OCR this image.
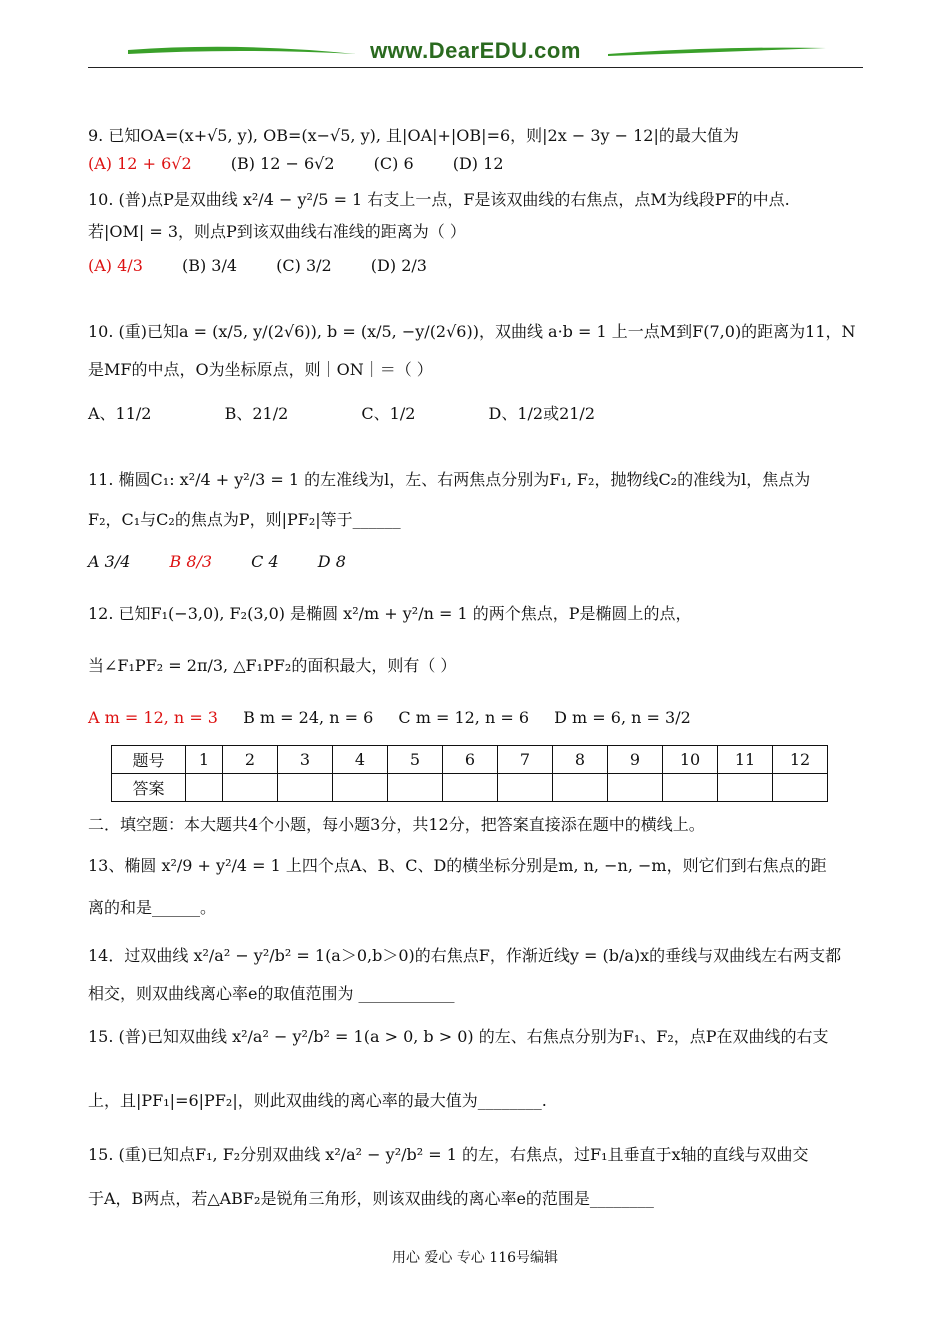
www.DearEDU.com
9. 已知OA=(x+√5, y), OB=(x−√5, y), 且|OA|+|OB|=6，则|2x − 3y − 12|的最大值为
(A) 12 + 6√2 (B) 12 − 6√2 (C) 6 (D) 12
10. (普)点P是双曲线 x²/4 − y²/5 = 1 右支上一点，F是该双曲线的右焦点，点M为线段PF的中点.
若|OM| = 3，则点P到该双曲线右准线的距离为（ ）
(A) 4/3 (B) 3/4 (C) 3/2 (D) 2/3
10. (重)已知a = (x/5, y/(2√6)), b = (x/5, −y/(2√6))，双曲线 a·b = 1 上一点M到F(7,0)的距离为11，N
是MF的中点，O为坐标原点，则｜ON｜＝（ ）
A、11/2	B、21/2	C、1/2	D、1/2或21/2
11. 椭圆C₁: x²/4 + y²/3 = 1 的左准线为l，左、右两焦点分别为F₁, F₂，抛物线C₂的准线为l，焦点为
F₂，C₁与C₂的焦点为P，则|PF₂|等于______
A 3/4 B 8/3 C 4 D 8
12. 已知F₁(−3,0), F₂(3,0) 是椭圆 x²/m + y²/n = 1 的两个焦点，P是椭圆上的点，
当∠F₁PF₂ = 2π/3, △F₁PF₂的面积最大，则有（ ）
A m = 12, n = 3 B m = 24, n = 6 C m = 12, n = 6 D m = 6, n = 3/2
题号	1	2	3	4	5	6	7	8	9	10	11	12
答案												
二．填空题：本大题共4个小题，每小题3分，共12分，把答案直接添在题中的横线上。
13、椭圆 x²/9 + y²/4 = 1 上四个点A、B、C、D的横坐标分别是m, n, −n, −m，则它们到右焦点的距
离的和是______。
14．过双曲线 x²/a² − y²/b² = 1(a＞0,b＞0)的右焦点F，作渐近线y = (b/a)x的垂线与双曲线左右两支都
相交，则双曲线离心率e的取值范围为 ____________
15. (普)已知双曲线 x²/a² − y²/b² = 1(a > 0, b > 0) 的左、右焦点分别为F₁、F₂，点P在双曲线的右支
上，且|PF₁|=6|PF₂|，则此双曲线的离心率的最大值为________.
15. (重)已知点F₁, F₂分别双曲线 x²/a² − y²/b² = 1 的左，右焦点，过F₁且垂直于x轴的直线与双曲交
于A，B两点，若△ABF₂是锐角三角形，则该双曲线的离心率e的范围是________
用心 爱心 专心 116号编辑
